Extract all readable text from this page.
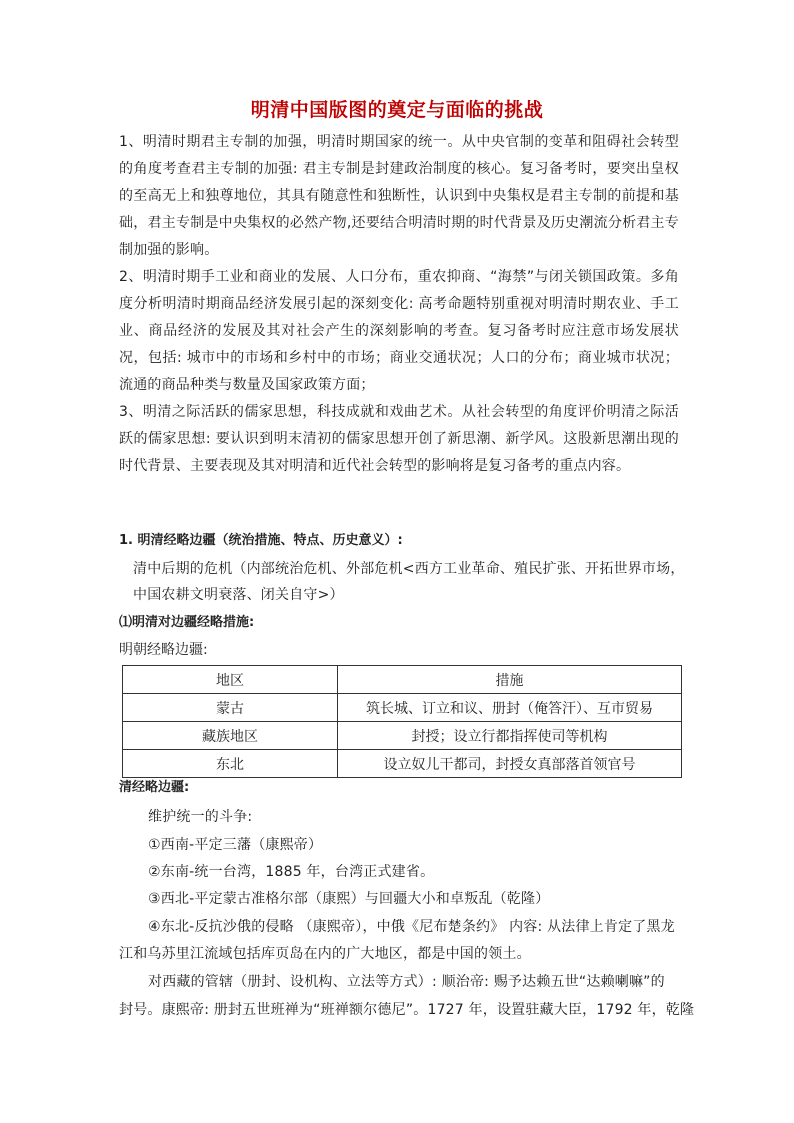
明清中国版图的奠定与面临的挑战

1、明清时期君主专制的加强，明清时期国家的统一。从中央官制的变革和阻碍社会转型的角度考查君主专制的加强: 君主专制是封建政治制度的核心。复习备考时，要突出皇权的至高无上和独尊地位，其具有随意性和独断性，认识到中央集权是君主专制的前提和基础，君主专制是中央集权的必然产物,还要结合明清时期的时代背景及历史潮流分析君主专制加强的影响。

2、明清时期手工业和商业的发展、人口分布，重农抑商、“海禁”与闭关锁国政策。多角度分析明清时期商品经济发展引起的深刻变化: 高考命题特别重视对明清时期农业、手工业、商品经济的发展及其对社会产生的深刻影响的考查。复习备考时应注意市场发展状况，包括: 城市中的市场和乡村中的市场；商业交通状况；人口的分布；商业城市状况；流通的商品种类与数量及国家政策方面；

3、明清之际活跃的儒家思想，科技成就和戏曲艺术。从社会转型的角度评价明清之际活跃的儒家思想: 要认识到明末清初的儒家思想开创了新思潮、新学风。这股新思潮出现的时代背景、主要表现及其对明清和近代社会转型的影响将是复习备考的重点内容。

1. 明清经略边疆（统治措施、特点、历史意义）:

清中后期的危机（内部统治危机、外部危机<西方工业革命、殖民扩张、开拓世界市场，

中国农耕文明衰落、闭关自守>）

⑴明清对边疆经略措施:

明朝经略边疆:

地区	措施
蒙古	筑长城、订立和议、册封（俺答汗）、互市贸易
藏族地区	封授；设立行都指挥使司等机构
东北	设立奴儿干都司，封授女真部落首领官号

清经略边疆:

维护统一的斗争:

①西南-平定三藩（康熙帝）

②东南-统一台湾，1885 年，台湾正式建省。

③西北-平定蒙古准格尔部（康熙）与回疆大小和卓叛乱（乾隆）

④东北-反抗沙俄的侵略 （康熙帝），中俄《尼布楚条约》 内容: 从法律上肯定了黑龙

江和乌苏里江流域包括库页岛在内的广大地区，都是中国的领土。

对西藏的管辖（册封、设机构、立法等方式）: 顺治帝: 赐予达赖五世“达赖喇嘛”的

封号。康熙帝: 册封五世班禅为“班禅额尔德尼”。1727 年，设置驻藏大臣，1792 年，乾隆
